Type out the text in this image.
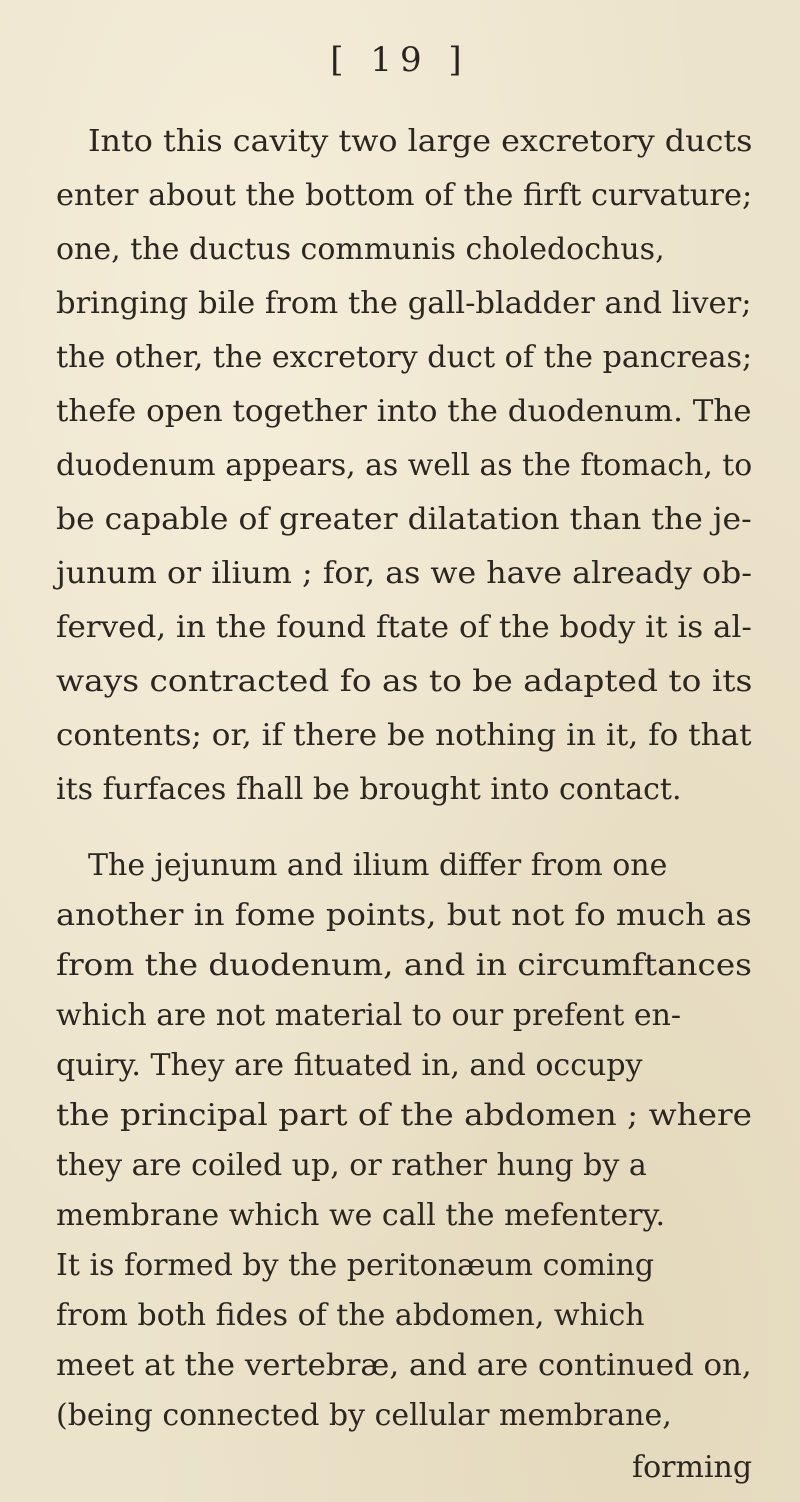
[ 19 ]
Into this cavity two large excretory ducts
enter about the bottom of the firft curvature;
one, the ductus communis choledochus,
bringing bile from the gall-bladder and liver;
the other, the excretory duct of the pancreas;
thefe open together into the duodenum. The
duodenum appears, as well as the ftomach, to
be capable of greater dilatation than the je-
junum or ilium ; for, as we have already ob-
ferved, in the found ftate of the body it is al-
ways contracted fo as to be adapted to its
contents; or, if there be nothing in it, fo that
its furfaces fhall be brought into contact.
The jejunum and ilium differ from one
another in fome points, but not fo much as
from the duodenum, and in circumftances
which are not material to our prefent en-
quiry. They are fituated in, and occupy
the principal part of the abdomen ; where
they are coiled up, or rather hung by a
membrane which we call the mefentery.
It is formed by the peritonæum coming
from both fides of the abdomen, which
meet at the vertebræ, and are continued on,
(being connected by cellular membrane,
forming
